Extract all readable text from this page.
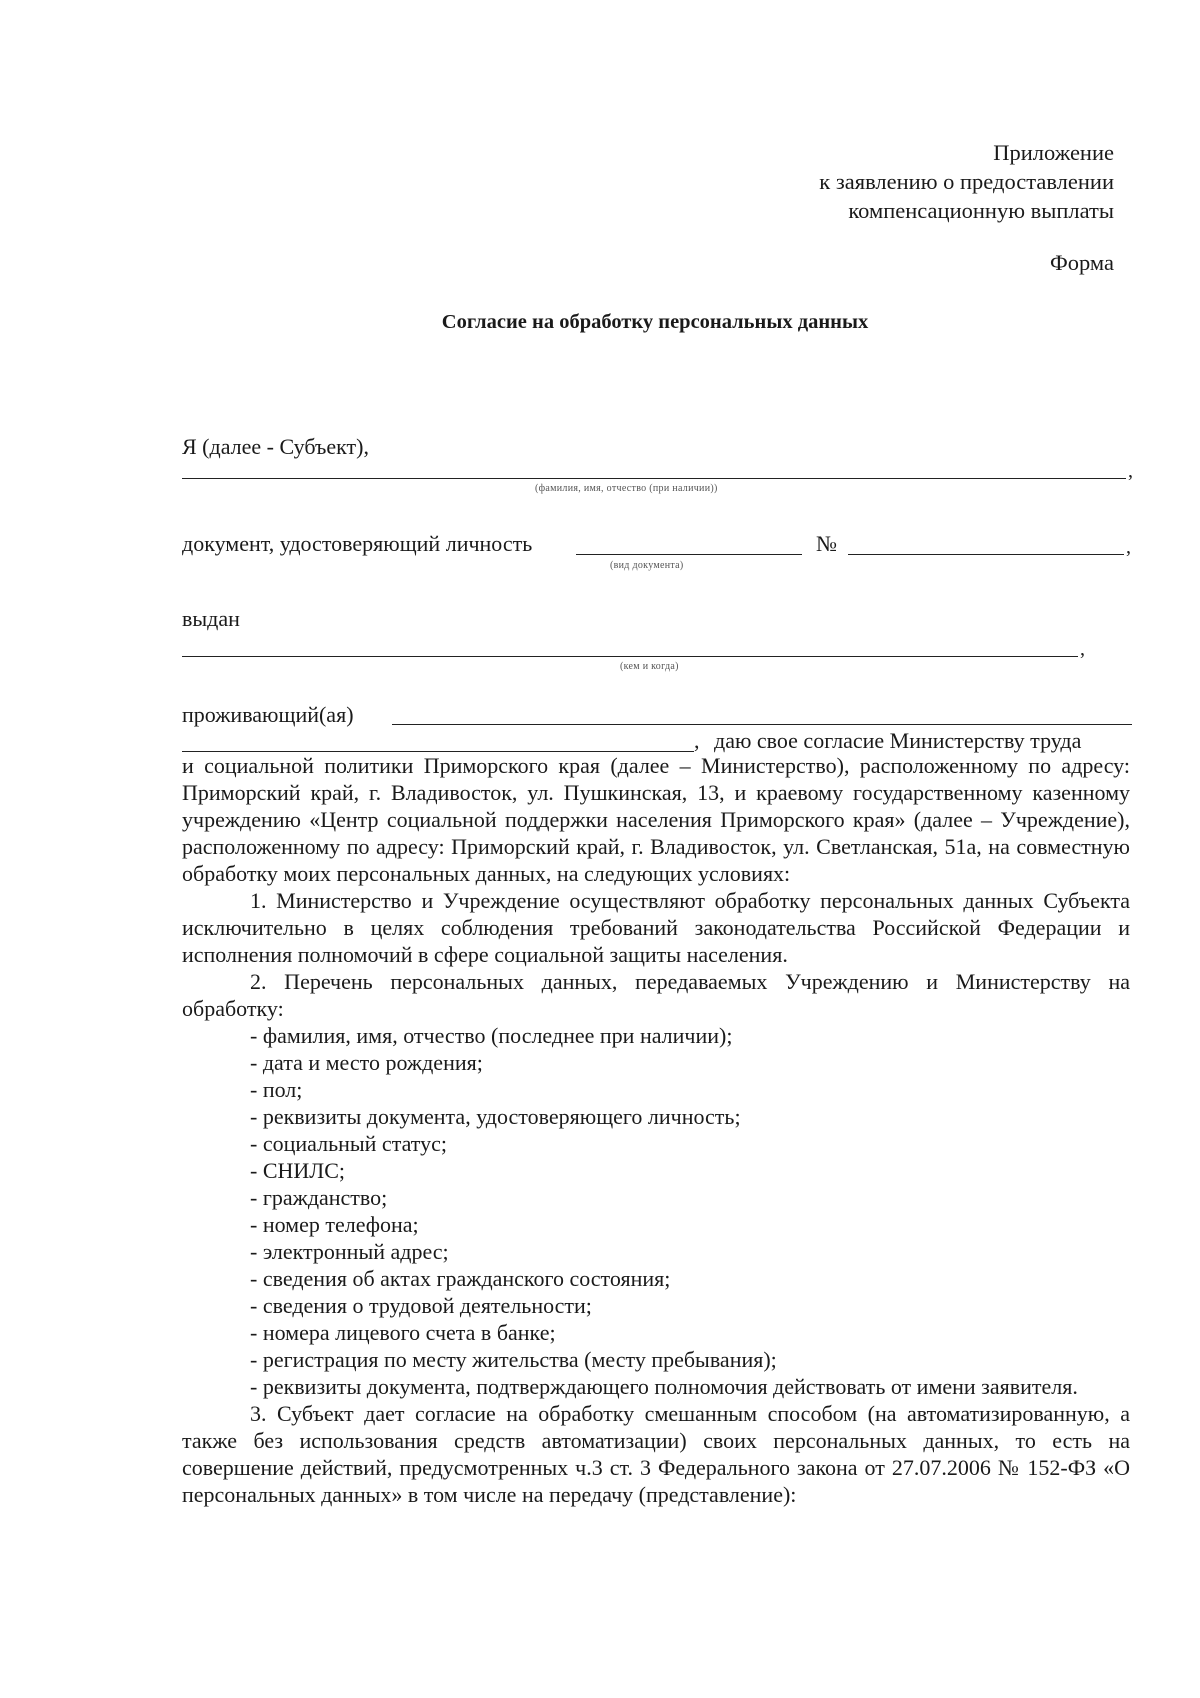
Приложение
к заявлению о предоставлении
компенсационную выплаты
Форма
Согласие на обработку персональных данных
Я (далее - Субъект),
,
(фамилия, имя, отчество (при наличии))
документ, удостоверяющий личность	№	,
(вид документа)
выдан
,
(кем и когда)
проживающий(ая)
, даю свое согласие Министерству труда

и социальной политики Приморского края (далее – Министерство), расположенному по адресу: Приморский край, г. Владивосток, ул. Пушкинская, 13, и краевому государственному казенному учреждению «Центр социальной поддержки населения Приморского края» (далее – Учреждение), расположенному по адресу: Приморский край, г. Владивосток, ул. Светланская, 51а, на совместную обработку моих персональных данных, на следующих условиях:

1. Министерство и Учреждение осуществляют обработку персональных данных Субъекта исключительно в целях соблюдения требований законодательства Российской Федерации и исполнения полномочий в сфере социальной защиты населения.

2. Перечень персональных данных, передаваемых Учреждению и Министерству на обработку:

- фамилия, имя, отчество (последнее при наличии);

- дата и место рождения;

- пол;

- реквизиты документа, удостоверяющего личность;

- социальный статус;

- СНИЛС;

- гражданство;

- номер телефона;

- электронный адрес;

- сведения об актах гражданского состояния;

- сведения о трудовой деятельности;

- номера лицевого счета в банке;

- регистрация по месту жительства (месту пребывания);

- реквизиты документа, подтверждающего полномочия действовать от имени заявителя.

3. Субъект дает согласие на обработку смешанным способом (на автоматизированную, а также без использования средств автоматизации) своих персональных данных, то есть на совершение действий, предусмотренных ч.3 ст. 3 Федерального закона от 27.07.2006 № 152-ФЗ «О персональных данных» в том числе на передачу (представление):
